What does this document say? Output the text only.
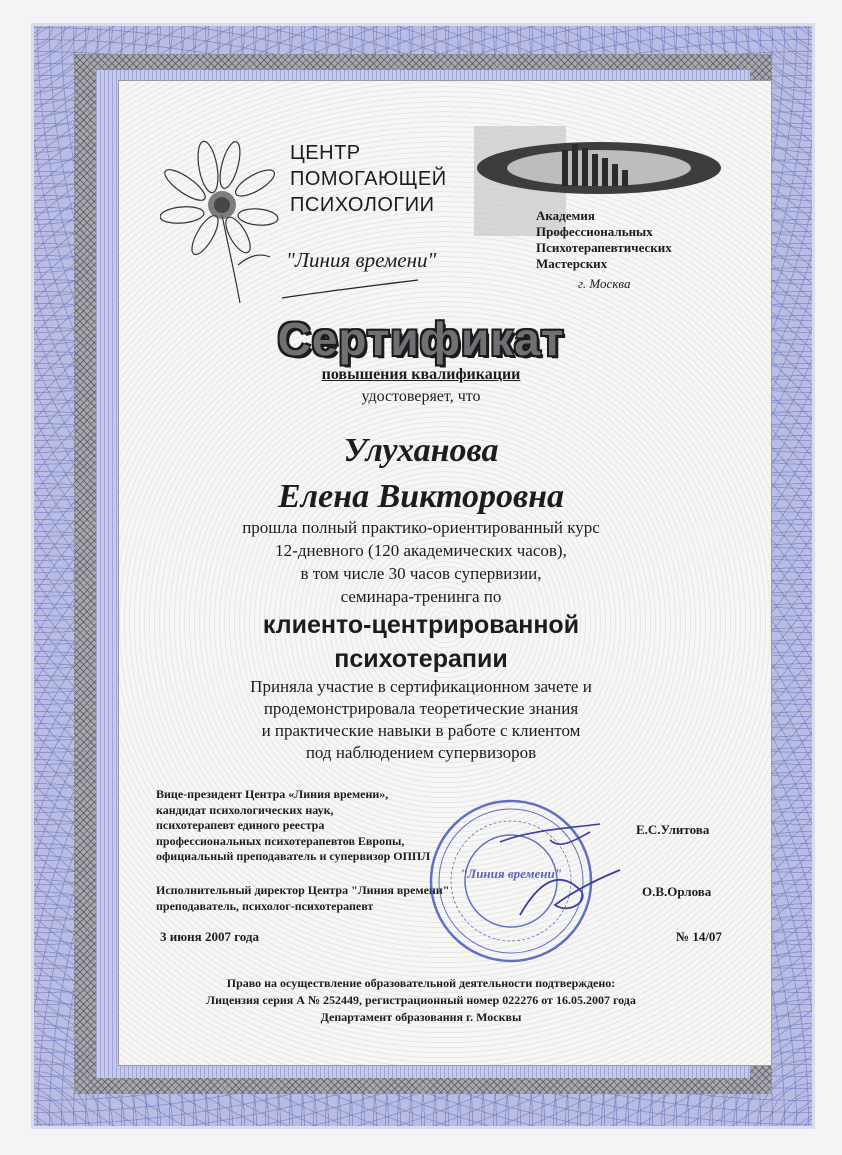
ЦЕНТР
ПОМОГАЮЩЕЙ
ПСИХОЛОГИИ
"Линия времени"
Академия
Профессиональных
Психотерапевтических
Мастерских
г. Москва
Сертификат
повышения квалификации
удостоверяет, что
Улуханова
Елена Викторовна
прошла полный практико-ориентированный курс
12-дневного (120 академических часов),
в том числе 30 часов супервизии,
семинара-тренинга по
клиенто-центрированной
психотерапии
Приняла участие в сертификационном зачете и
продемонстрировала теоретические знания
и практические навыки в работе с клиентом
под наблюдением супервизоров
Вице-президент Центра «Линия времени»,
кандидат психологических наук,
психотерапевт единого реестра
профессиональных психотерапевтов Европы,
официальный преподаватель и супервизор ОППЛ
Е.С.Улитова
Исполнительный директор Центра "Линия времени"
преподаватель, психолог-психотерапевт
О.В.Орлова
"Линия времени"
3 июня 2007 года	№ 14/07
Право на осуществление образовательной деятельности подтверждено:
Лицензия серия А № 252449, регистрационный номер 022276 от 16.05.2007 года
Департамент образования г. Москвы
